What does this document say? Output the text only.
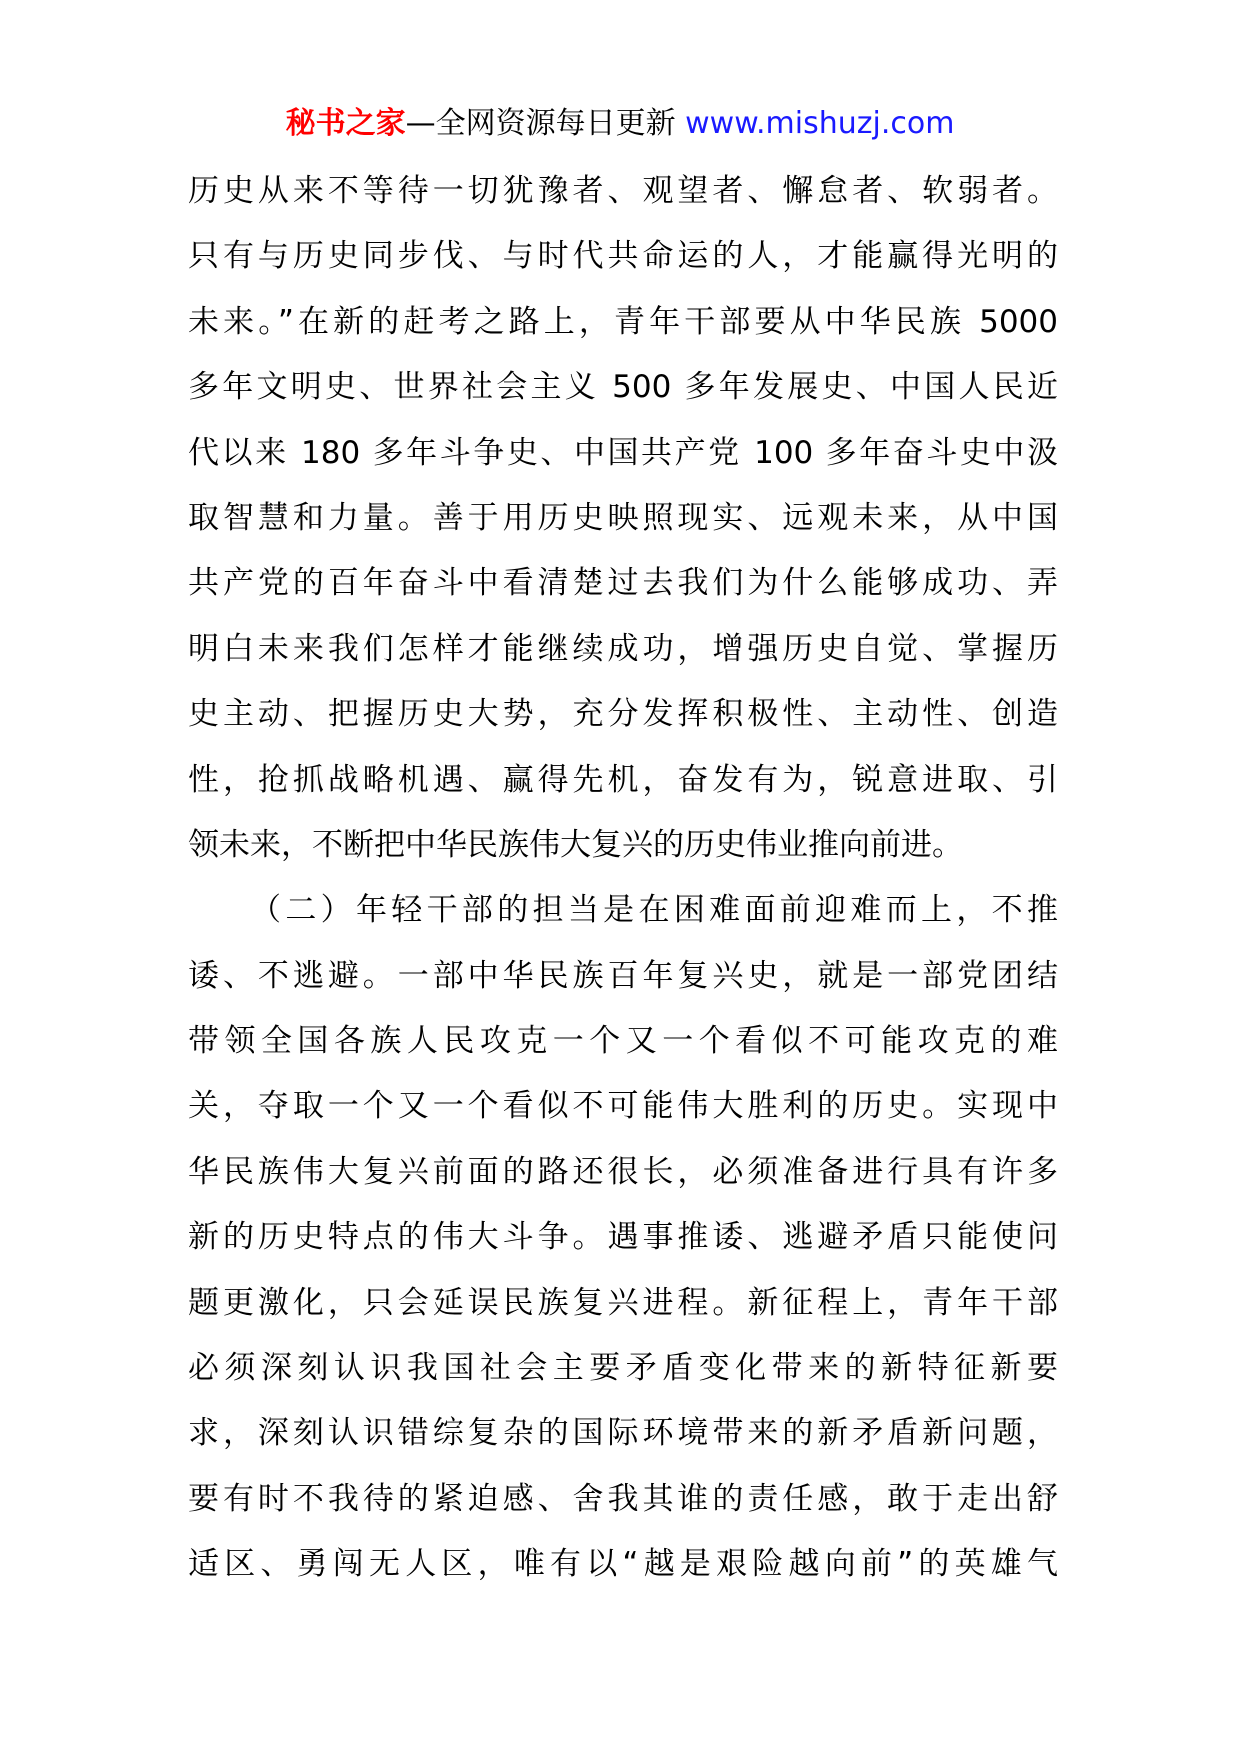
秘书之家—全网资源每日更新 www.mishuzj.com
历史从来不等待一切犹豫者、观望者、懈怠者、软弱者。
只有与历史同步伐、与时代共命运的人，才能赢得光明的
未来。”在新的赶考之路上，青年干部要从中华民族 5000
多年文明史、世界社会主义 500 多年发展史、中国人民近
代以来 180 多年斗争史、中国共产党 100 多年奋斗史中汲
取智慧和力量。善于用历史映照现实、远观未来，从中国
共产党的百年奋斗中看清楚过去我们为什么能够成功、弄
明白未来我们怎样才能继续成功，增强历史自觉、掌握历
史主动、把握历史大势，充分发挥积极性、主动性、创造
性，抢抓战略机遇、赢得先机，奋发有为，锐意进取、引
领未来，不断把中华民族伟大复兴的历史伟业推向前进。
（二）年轻干部的担当是在困难面前迎难而上，不推
诿、不逃避。一部中华民族百年复兴史，就是一部党团结
带领全国各族人民攻克一个又一个看似不可能攻克的难
关，夺取一个又一个看似不可能伟大胜利的历史。实现中
华民族伟大复兴前面的路还很长，必须准备进行具有许多
新的历史特点的伟大斗争。遇事推诿、逃避矛盾只能使问
题更激化，只会延误民族复兴进程。新征程上，青年干部
必须深刻认识我国社会主要矛盾变化带来的新特征新要
求，深刻认识错综复杂的国际环境带来的新矛盾新问题，
要有时不我待的紧迫感、舍我其谁的责任感，敢于走出舒
适区、勇闯无人区，唯有以“越是艰险越向前”的英雄气
